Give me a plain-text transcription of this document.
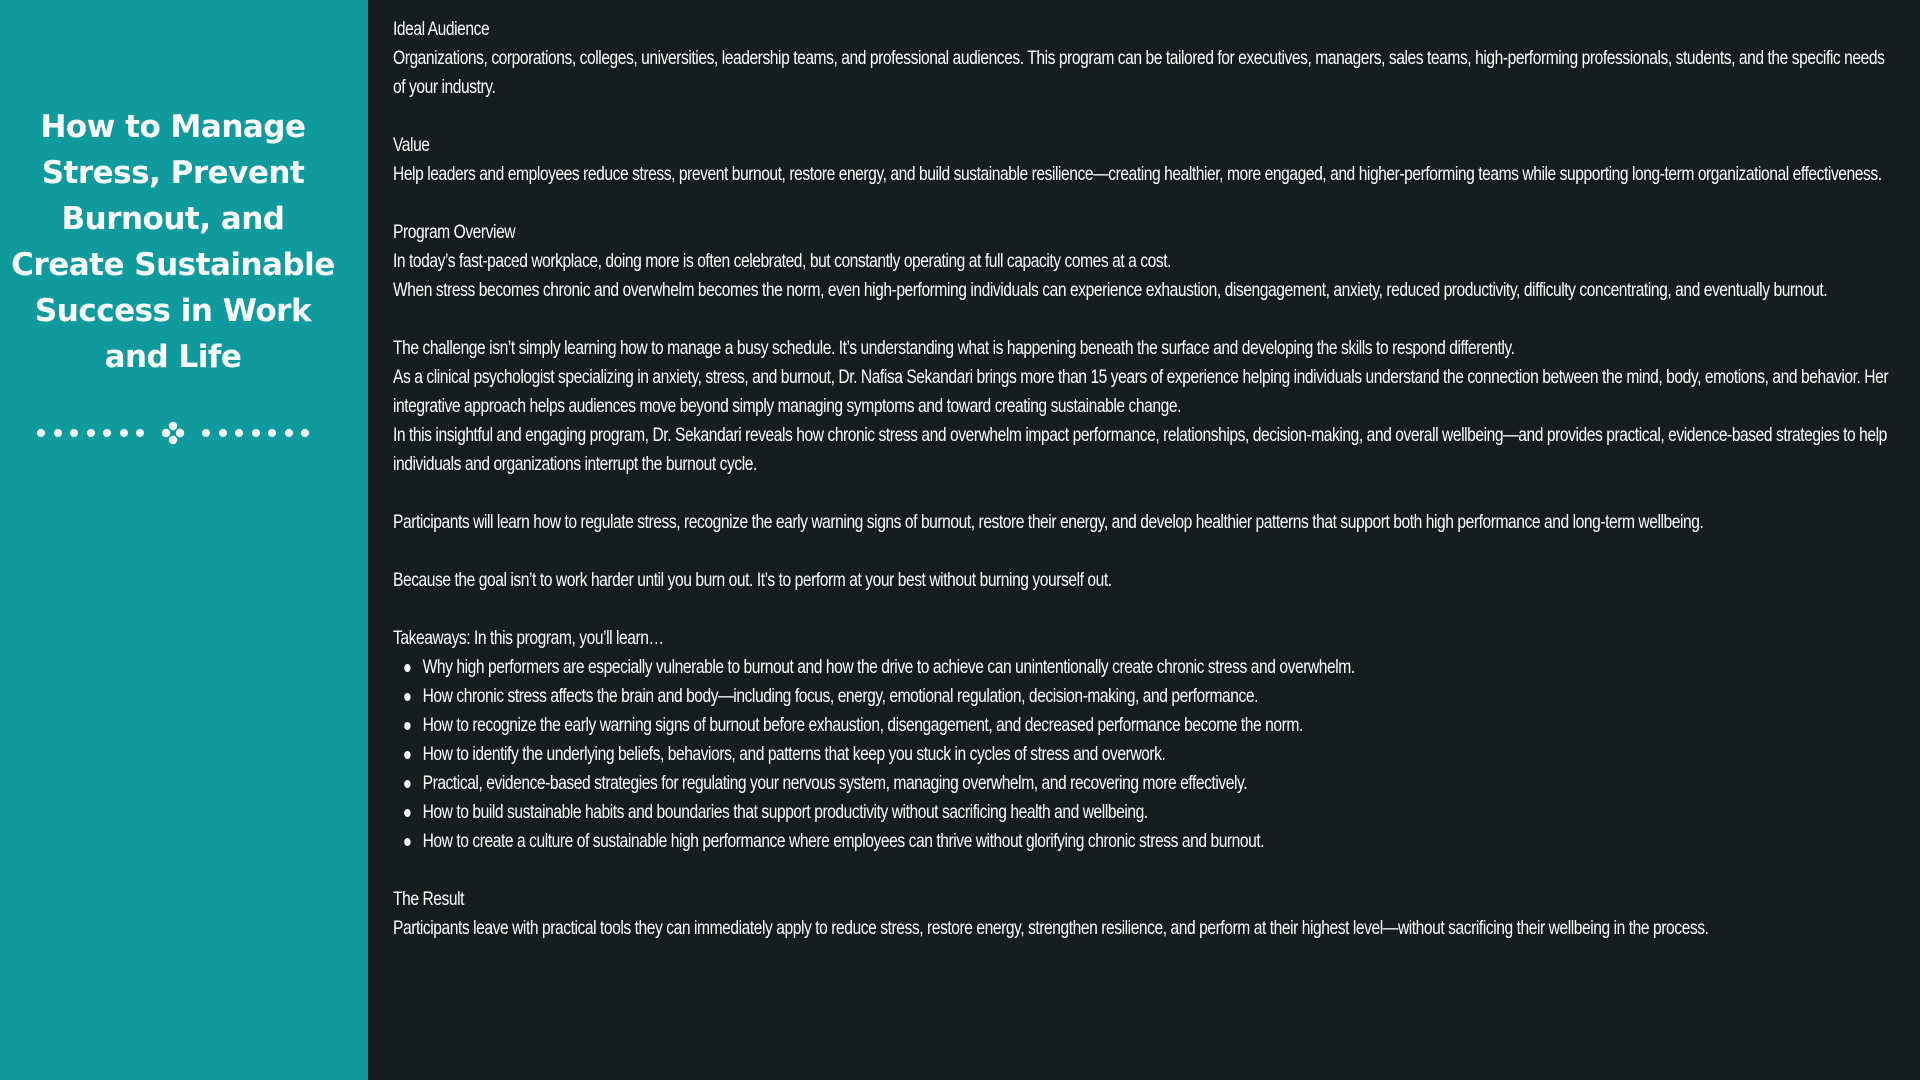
How to Manage Stress, Prevent Burnout, and Create Sustainable Success in Work and Life

Ideal Audience

Organizations, corporations, colleges, universities, leadership teams, and professional audiences. This program can be tailored for executives, managers, sales teams, high-performing professionals, students, and the specific needs of your industry.

Value

Help leaders and employees reduce stress, prevent burnout, restore energy, and build sustainable resilience—creating healthier, more engaged, and higher-performing teams while supporting long-term organizational effectiveness.

Program Overview

In today’s fast-paced workplace, doing more is often celebrated, but constantly operating at full capacity comes at a cost.

When stress becomes chronic and overwhelm becomes the norm, even high-performing individuals can experience exhaustion, disengagement, anxiety, reduced productivity, difficulty concentrating, and eventually burnout.

The challenge isn’t simply learning how to manage a busy schedule. It’s understanding what is happening beneath the surface and developing the skills to respond differently.

As a clinical psychologist specializing in anxiety, stress, and burnout, Dr. Nafisa Sekandari brings more than 15 years of experience helping individuals understand the connection between the mind, body, emotions, and behavior. Her integrative approach helps audiences move beyond simply managing symptoms and toward creating sustainable change.

In this insightful and engaging program, Dr. Sekandari reveals how chronic stress and overwhelm impact performance, relationships, decision-making, and overall wellbeing—and provides practical, evidence-based strategies to help individuals and organizations interrupt the burnout cycle.

Participants will learn how to regulate stress, recognize the early warning signs of burnout, restore their energy, and develop healthier patterns that support both high performance and long-term wellbeing.

Because the goal isn’t to work harder until you burn out. It’s to perform at your best without burning yourself out.

Takeaways: In this program, you’ll learn…

Why high performers are especially vulnerable to burnout and how the drive to achieve can unintentionally create chronic stress and overwhelm.
How chronic stress affects the brain and body—including focus, energy, emotional regulation, decision-making, and performance.
How to recognize the early warning signs of burnout before exhaustion, disengagement, and decreased performance become the norm.
How to identify the underlying beliefs, behaviors, and patterns that keep you stuck in cycles of stress and overwork.
Practical, evidence-based strategies for regulating your nervous system, managing overwhelm, and recovering more effectively.
How to build sustainable habits and boundaries that support productivity without sacrificing health and wellbeing.
How to create a culture of sustainable high performance where employees can thrive without glorifying chronic stress and burnout.

The Result

Participants leave with practical tools they can immediately apply to reduce stress, restore energy, strengthen resilience, and perform at their highest level—without sacrificing their wellbeing in the process.
